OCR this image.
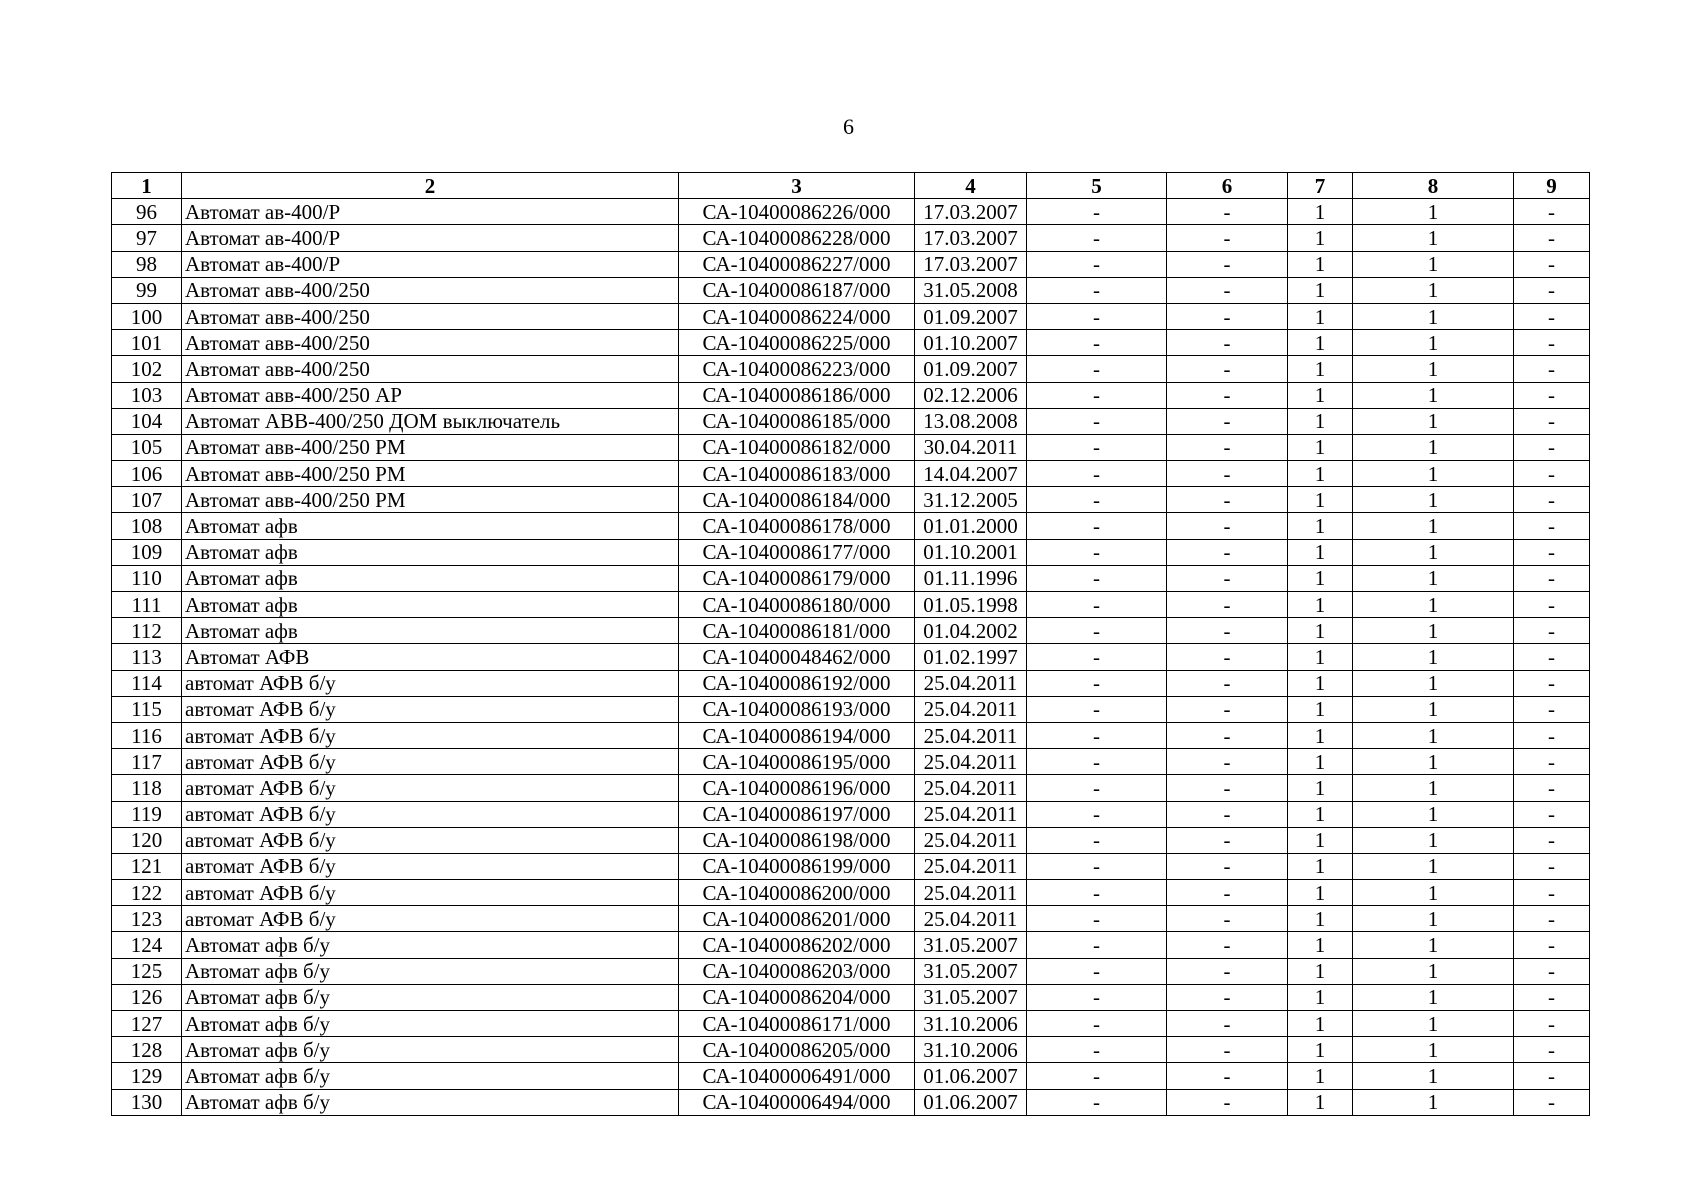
6
1	2	3	4	5	6	7	8	9
96	Автомат ав-400/Р	СА-10400086226/000	17.03.2007	-	-	1	1	-
97	Автомат ав-400/Р	СА-10400086228/000	17.03.2007	-	-	1	1	-
98	Автомат ав-400/Р	СА-10400086227/000	17.03.2007	-	-	1	1	-
99	Автомат авв-400/250	СА-10400086187/000	31.05.2008	-	-	1	1	-
100	Автомат авв-400/250	СА-10400086224/000	01.09.2007	-	-	1	1	-
101	Автомат авв-400/250	СА-10400086225/000	01.10.2007	-	-	1	1	-
102	Автомат авв-400/250	СА-10400086223/000	01.09.2007	-	-	1	1	-
103	Автомат авв-400/250 АР	СА-10400086186/000	02.12.2006	-	-	1	1	-
104	Автомат АВВ-400/250 ДОМ выключатель	СА-10400086185/000	13.08.2008	-	-	1	1	-
105	Автомат авв-400/250 РМ	СА-10400086182/000	30.04.2011	-	-	1	1	-
106	Автомат авв-400/250 РМ	СА-10400086183/000	14.04.2007	-	-	1	1	-
107	Автомат авв-400/250 РМ	СА-10400086184/000	31.12.2005	-	-	1	1	-
108	Автомат афв	СА-10400086178/000	01.01.2000	-	-	1	1	-
109	Автомат афв	СА-10400086177/000	01.10.2001	-	-	1	1	-
110	Автомат афв	СА-10400086179/000	01.11.1996	-	-	1	1	-
111	Автомат афв	СА-10400086180/000	01.05.1998	-	-	1	1	-
112	Автомат афв	СА-10400086181/000	01.04.2002	-	-	1	1	-
113	Автомат АФВ	СА-10400048462/000	01.02.1997	-	-	1	1	-
114	автомат АФВ б/у	СА-10400086192/000	25.04.2011	-	-	1	1	-
115	автомат АФВ б/у	СА-10400086193/000	25.04.2011	-	-	1	1	-
116	автомат АФВ б/у	СА-10400086194/000	25.04.2011	-	-	1	1	-
117	автомат АФВ б/у	СА-10400086195/000	25.04.2011	-	-	1	1	-
118	автомат АФВ б/у	СА-10400086196/000	25.04.2011	-	-	1	1	-
119	автомат АФВ б/у	СА-10400086197/000	25.04.2011	-	-	1	1	-
120	автомат АФВ б/у	СА-10400086198/000	25.04.2011	-	-	1	1	-
121	автомат АФВ б/у	СА-10400086199/000	25.04.2011	-	-	1	1	-
122	автомат АФВ б/у	СА-10400086200/000	25.04.2011	-	-	1	1	-
123	автомат АФВ б/у	СА-10400086201/000	25.04.2011	-	-	1	1	-
124	Автомат афв б/у	СА-10400086202/000	31.05.2007	-	-	1	1	-
125	Автомат афв б/у	СА-10400086203/000	31.05.2007	-	-	1	1	-
126	Автомат афв б/у	СА-10400086204/000	31.05.2007	-	-	1	1	-
127	Автомат афв б/у	СА-10400086171/000	31.10.2006	-	-	1	1	-
128	Автомат афв б/у	СА-10400086205/000	31.10.2006	-	-	1	1	-
129	Автомат афв б/у	СА-10400006491/000	01.06.2007	-	-	1	1	-
130	Автомат афв б/у	СА-10400006494/000	01.06.2007	-	-	1	1	-
